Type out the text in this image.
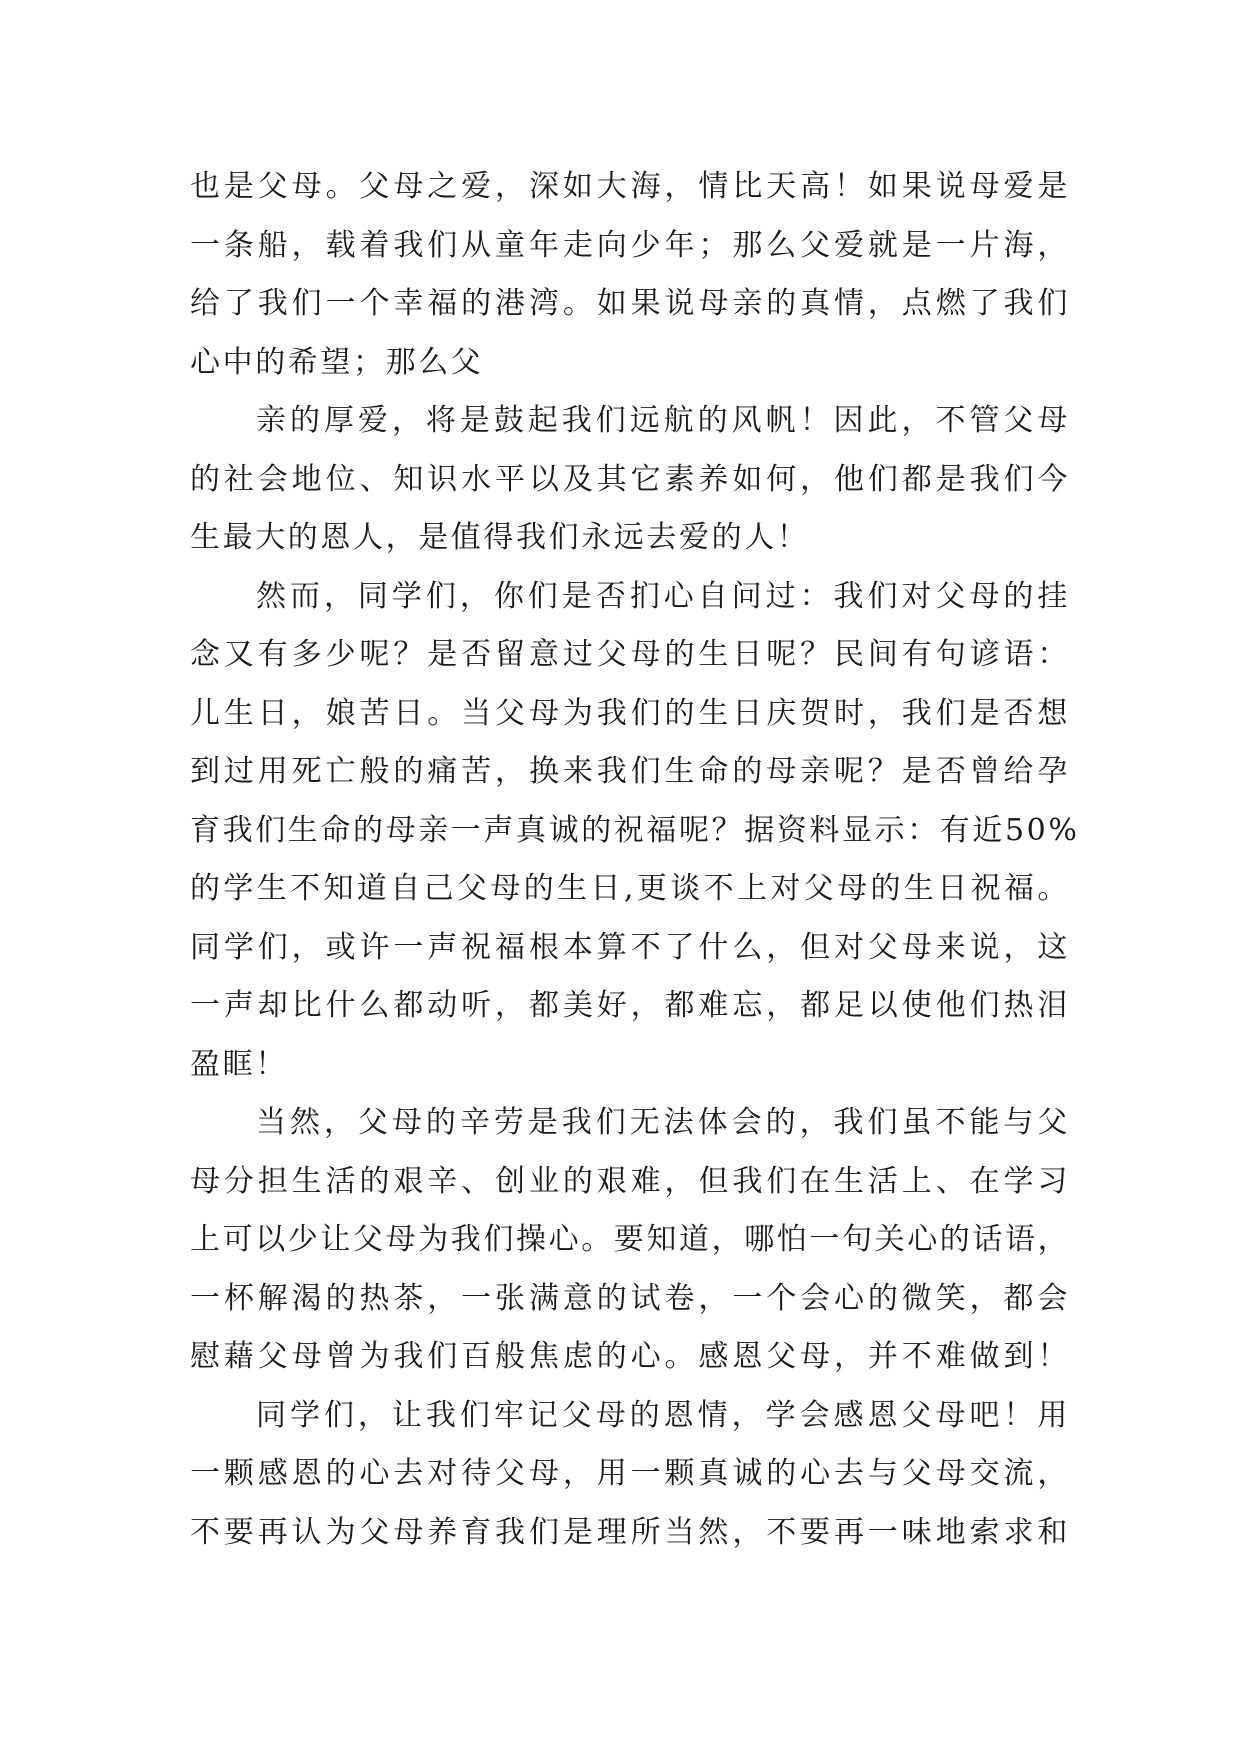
也是父母。父母之爱，深如大海，情比天高！如果说母爱是
一条船，载着我们从童年走向少年；那么父爱就是一片海，
给了我们一个幸福的港湾。如果说母亲的真情，点燃了我们
心中的希望；那么父
亲的厚爱，将是鼓起我们远航的风帆！因此，不管父母
的社会地位、知识水平以及其它素养如何，他们都是我们今
生最大的恩人，是值得我们永远去爱的人！
然而，同学们，你们是否扪心自问过：我们对父母的挂
念又有多少呢？是否留意过父母的生日呢？民间有句谚语：
儿生日，娘苦日。当父母为我们的生日庆贺时，我们是否想
到过用死亡般的痛苦，换来我们生命的母亲呢？是否曾给孕
育我们生命的母亲一声真诚的祝福呢？据资料显示：有近50%
的学生不知道自己父母的生日,更谈不上对父母的生日祝福。
同学们，或许一声祝福根本算不了什么，但对父母来说，这
一声却比什么都动听，都美好，都难忘，都足以使他们热泪
盈眶！
当然，父母的辛劳是我们无法体会的，我们虽不能与父
母分担生活的艰辛、创业的艰难，但我们在生活上、在学习
上可以少让父母为我们操心。要知道，哪怕一句关心的话语，
一杯解渴的热茶，一张满意的试卷，一个会心的微笑，都会
慰藉父母曾为我们百般焦虑的心。感恩父母，并不难做到！
同学们，让我们牢记父母的恩情，学会感恩父母吧！用
一颗感恩的心去对待父母，用一颗真诚的心去与父母交流，
不要再认为父母养育我们是理所当然，不要再一味地索求和
